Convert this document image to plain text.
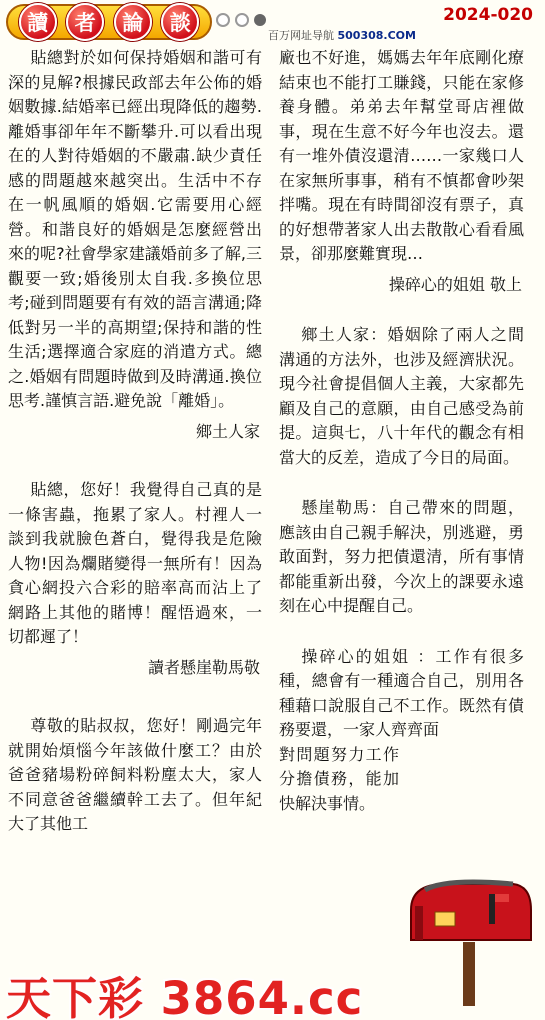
讀	者	論	談	2024-020
百万网址导航 500308.COM

貼總對於如何保持婚姻和諧可有深的見解?根據民政部去年公佈的婚姻數據.結婚率已經出現降低的趨勢.離婚事卻年年不斷攀升.可以看出現在的人對待婚姻的不嚴肅.缺少責任感的問題越來越突出。生活中不存在一帆風順的婚姻.它需要用心經營。和諧良好的婚姻是怎麼經營出來的呢?社會學家建議婚前多了解,三觀要一致;婚後別太自我.多換位思考;碰到問題要有有效的語言溝通;降低對另一半的高期望;保持和諧的性生活;選擇適合家庭的消遣方式。總之.婚姻有問題時做到及時溝通.換位思考.謹慎言語.避免說「離婚」。

鄉土人家

貼總，您好！我覺得自己真的是一條害蟲，拖累了家人。村裡人一談到我就臉色蒼白，覺得我是危險人物!因為爛賭變得一無所有！因為貪心網投六合彩的賠率高而沾上了網路上其他的賭博！醒悟過來，一切都遲了！

讀者懸崖勒馬敬

尊敬的貼叔叔，您好！剛過完年就開始煩惱今年該做什麼工？由於爸爸豬場粉碎飼料粉塵太大，家人不同意爸爸繼續幹工去了。但年紀大了其他工

廠也不好進，媽媽去年年底剛化療結束也不能打工賺錢，只能在家修養身體。弟弟去年幫堂哥店裡做事，現在生意不好今年也沒去。還有一堆外債沒還清……一家幾口人在家無所事事，稍有不慎都會吵架拌嘴。現在有時間卻沒有票子，真的好想帶著家人出去散散心看看風景，卻那麼難實現…

操碎心的姐姐 敬上

鄉土人家：婚姻除了兩人之間溝通的方法外，也涉及經濟狀況。現今社會提倡個人主義，大家都先顧及自己的意願，由自己感受為前提。這與七，八十年代的觀念有相當大的反差，造成了今日的局面。

懸崖勒馬：自己帶來的問題，應該由自己親手解決，別逃避，勇敢面對，努力把債還清，所有事情都能重新出發，今次上的課要永遠刻在心中提醒自己。

操碎心的姐姐 ：工作有很多種，總會有一種適合自己，別用各種藉口說服自己不工作。既然有債務要還，一家人齊齊面

對問題努力工作分擔債務，能加快解決事情。

天下彩 3864.cc
